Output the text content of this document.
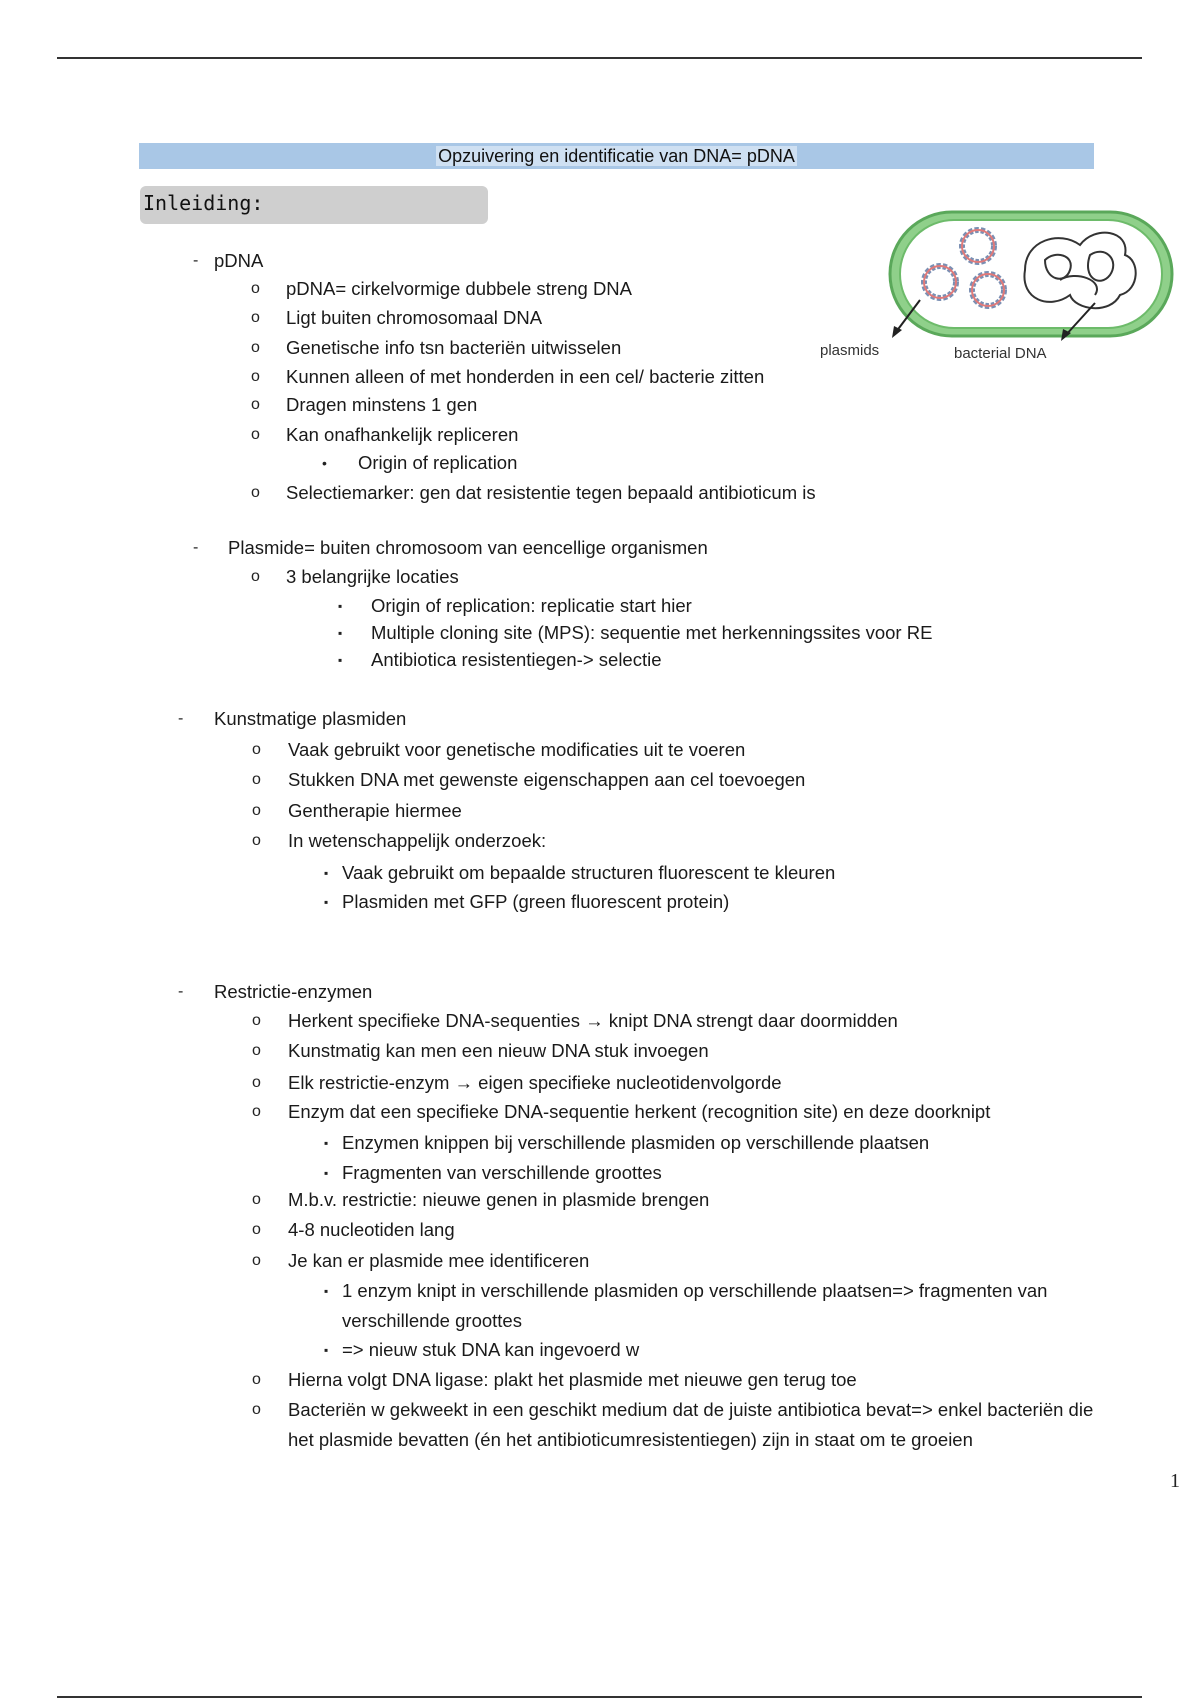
Opzuivering en identificatie van DNA= pDNA
Inleiding:
plasmids	bacterial DNA
- pDNA
o pDNA= cirkelvormige dubbele streng DNA
o Ligt buiten chromosomaal DNA
o Genetische info tsn bacteriën uitwisselen
o Kunnen alleen of met honderden in een cel/ bacterie zitten
o Dragen minstens 1 gen
o Kan onafhankelijk repliceren
• Origin of replication
o Selectiemarker: gen dat resistentie tegen bepaald antibioticum is
- Plasmide= buiten chromosoom van eencellige organismen
o 3 belangrijke locaties
▪ Origin of replication: replicatie start hier
▪ Multiple cloning site (MPS): sequentie met herkenningssites voor RE
▪ Antibiotica resistentiegen-> selectie
- Kunstmatige plasmiden
o Vaak gebruikt voor genetische modificaties uit te voeren
o Stukken DNA met gewenste eigenschappen aan cel toevoegen
o Gentherapie hiermee
o In wetenschappelijk onderzoek:
▪ Vaak gebruikt om bepaalde structuren fluorescent te kleuren
▪ Plasmiden met GFP (green fluorescent protein)
- Restrictie-enzymen
o Herkent specifieke DNA-sequenties → knipt DNA strengt daar doormidden
o Kunstmatig kan men een nieuw DNA stuk invoegen
o Elk restrictie-enzym → eigen specifieke nucleotidenvolgorde
o Enzym dat een specifieke DNA-sequentie herkent (recognition site) en deze doorknipt
▪ Enzymen knippen bij verschillende plasmiden op verschillende plaatsen
▪ Fragmenten van verschillende groottes
o M.b.v. restrictie: nieuwe genen in plasmide brengen
o 4-8 nucleotiden lang
o Je kan er plasmide mee identificeren
▪ 1 enzym knipt in verschillende plasmiden op verschillende plaatsen=> fragmenten van
verschillende groottes
▪ => nieuw stuk DNA kan ingevoerd w
o Hierna volgt DNA ligase: plakt het plasmide met nieuwe gen terug toe
o Bacteriën w gekweekt in een geschikt medium dat de juiste antibiotica bevat=> enkel bacteriën die
het plasmide bevatten (én het antibioticumresistentiegen) zijn in staat om te groeien
1
